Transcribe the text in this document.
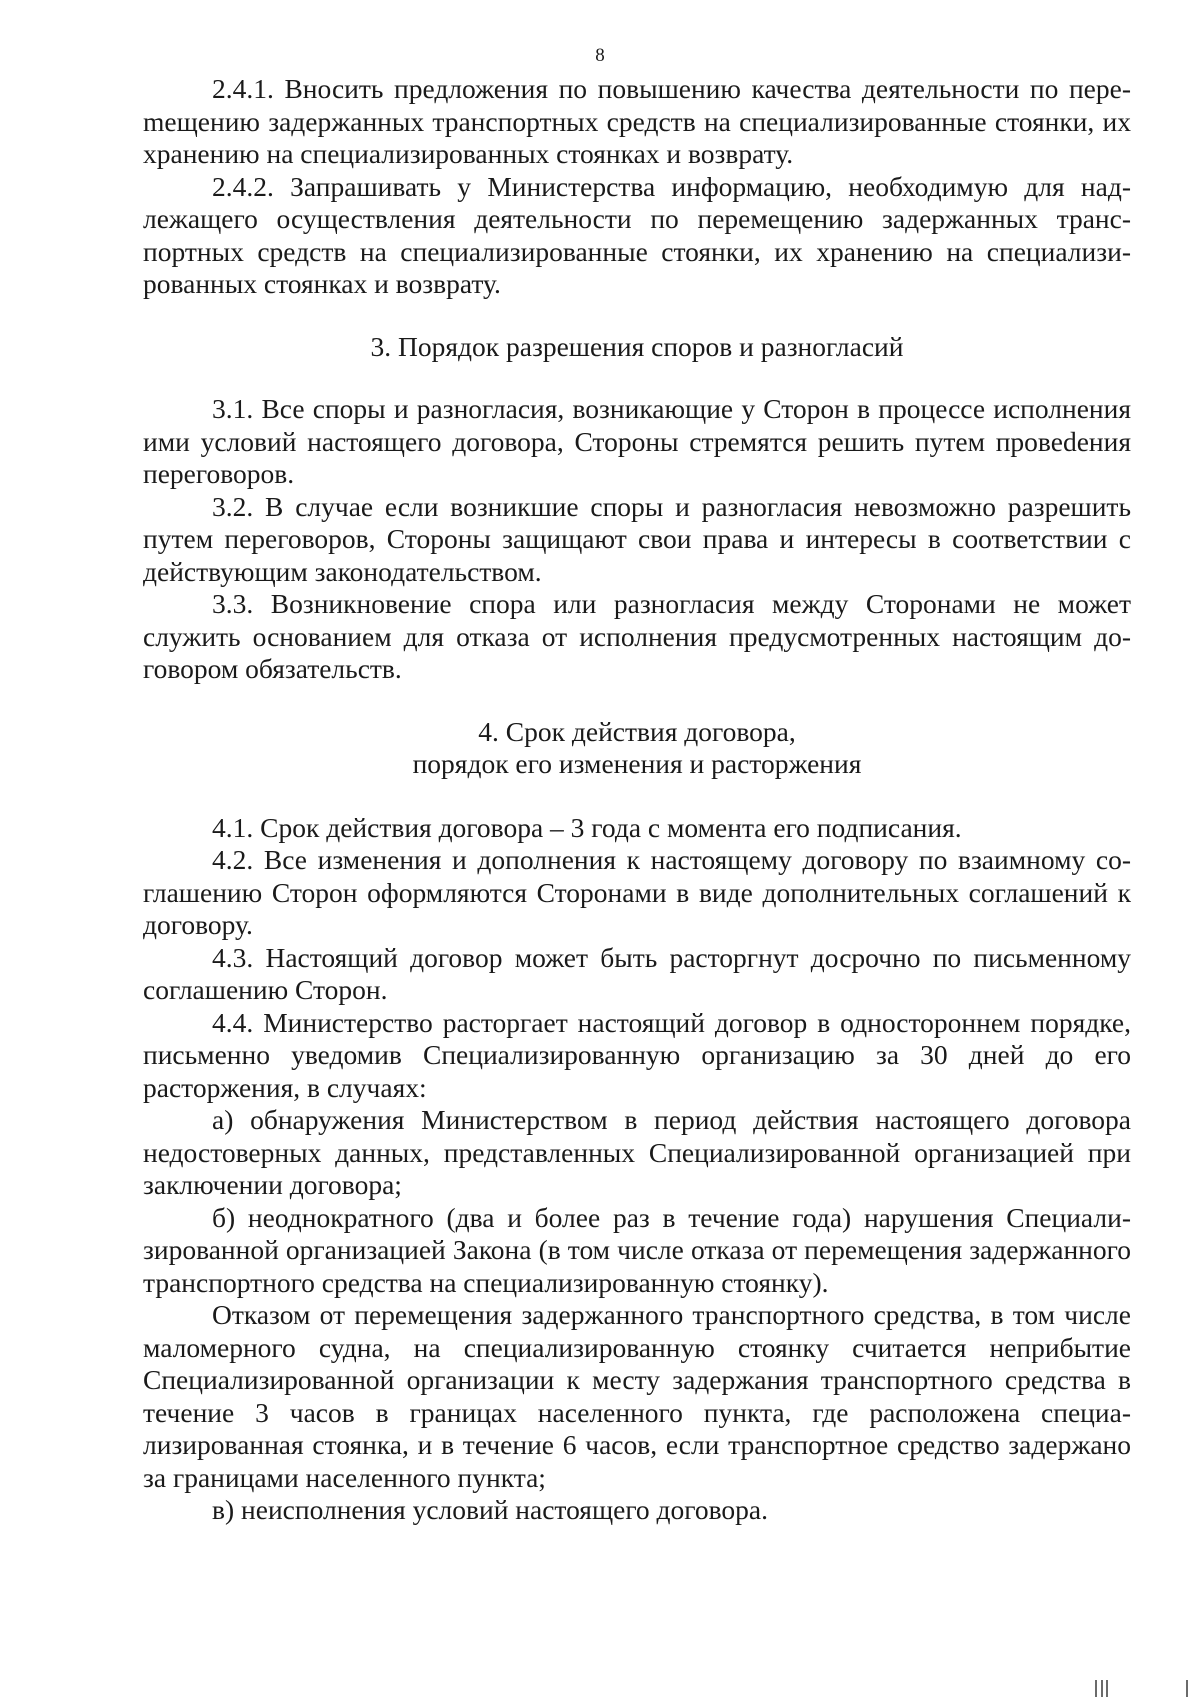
8

2.4.1. Вносить предложения по повышению качества деятельности по переmещению задержанных транспортных средств на специализированные стоянки, их хранению на специализированных стоянках и возврату.

2.4.2. Запрашивать у Министерства информацию, необходимую для надлежащего осуществления деятельности по перемещению задержанных транспортных средств на специализированные стоянки, их хранению на специализированных стоянках и возврату.

3. Порядок разрешения споров и разногласий

3.1. Все споры и разногласия, возникающие у Сторон в процессе исполнения ими условий настоящего договора, Стороны стремятся решить путем провеdения переговоров.

3.2. В случае если возникшие споры и разногласия невозможно разрешить путем переговоров, Стороны защищают свои права и интересы в соответствии с действующим законодательством.

3.3. Возникновение спора или разногласия между Сторонами не может служить основанием для отказа от исполнения предусмотренных настоящим договором обязательств.

4. Срок действия договора,

порядок его изменения и расторжения

4.1. Срок действия договора – 3 года с момента его подписания.

4.2. Все изменения и дополнения к настоящему договору по взаимному соглашению Сторон оформляются Сторонами в виде дополнительных соглашений к договору.

4.3. Настоящий договор может быть расторгнут досрочно по письменному соглашению Сторон.

4.4. Министерство расторгает настоящий договор в одностороннем порядке, письменно уведомив Специализированную организацию за 30 дней до его расторжения, в случаях:

а) обнаружения Министерством в период действия настоящего договора недостоверных данных, представленных Специализированной организацией при заключении договора;

б) неоднократного (два и более раз в течение года) нарушения Специализированной организацией Закона (в том числе отказа от перемещения задержанного транспортного средства на специализированную стоянку).

Отказом от перемещения задержанного транспортного средства, в том числе маломерного судна, на специализированную стоянку считается неприбытие Специализированной организации к месту задержания транспортного средства в течение 3 часов в границах населенного пункта, где расположена специализированная стоянка, и в течение 6 часов, если транспортное средство задержано за границами населенного пункта;

в) неисполнения условий настоящего договора.
